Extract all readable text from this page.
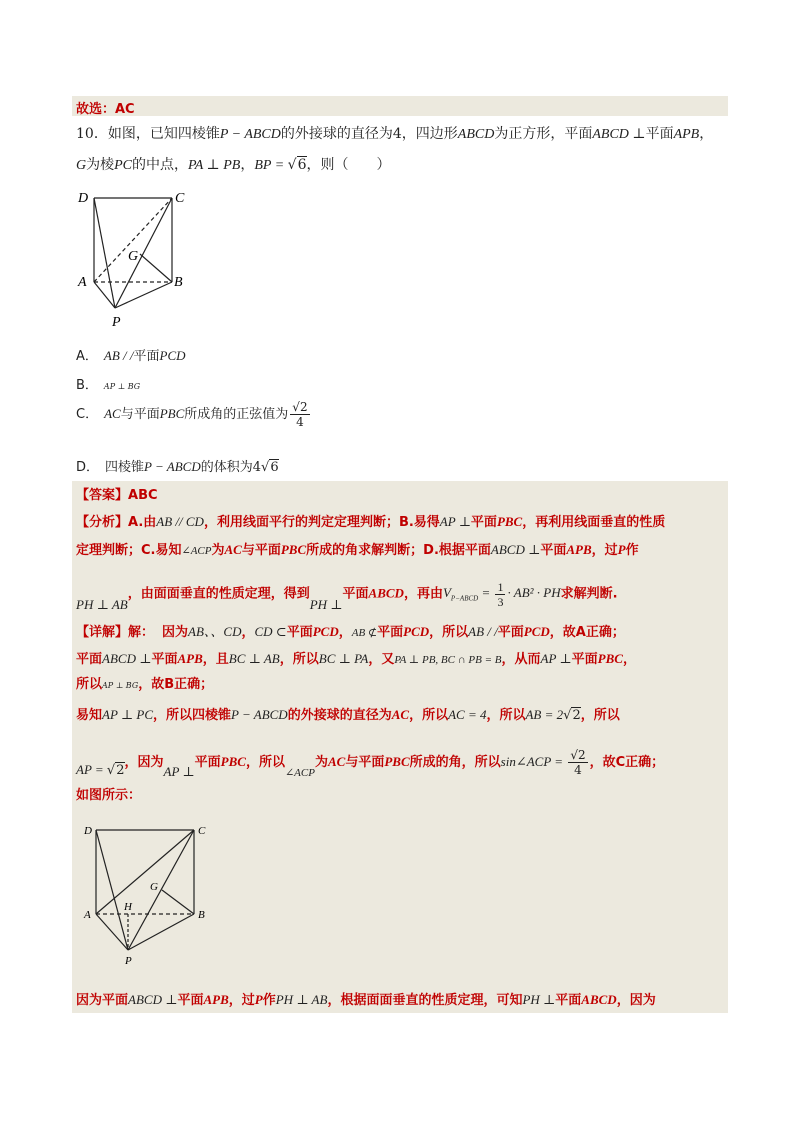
故选：AC
10．如图，已知四棱锥P − ABCD的外接球的直径为4，四边形ABCD为正方形，平面ABCD ⊥平面APB，
G为棱PC的中点，PA ⊥ PB，BP = √6，则（　　）
D	C
G
A	B
P
A． AB / /平面PCD
B． AP ⊥ BG
C． AC与平面PBC所成角的正弦值为 $\frac{√2}{4}$
D． 四棱锥P − ABCD的体积为4√6
【答案】ABC
【分析】A.由AB // CD，利用线面平行的判定定理判断；B.易得AP ⊥平面PBC，再利用线面垂直的性质
定理判断；C.易知∠ACP为AC与平面PBC所成的角求解判断；D.根据平面ABCD ⊥平面APB，过P作
PH ⊥ AB，由面面垂直的性质定理，得到PH ⊥平面ABCD，再由$V_{P-ABCD} = \frac{1}{3} \cdot AB^2$ · PH求解判断.
【详解】解： 因为AB、、CD，CD ⊂平面PCD，AB ⊄平面PCD，所以AB / /平面PCD，故A正确；
平面ABCD ⊥平面APB，且BC ⊥ AB，所以BC ⊥ PA，又PA ⊥ PB, BC ∩ PB = B，从而AP ⊥平面PBC，
所以AP ⊥ BG，故B正确；
易知AP ⊥ PC，所以四棱锥P − ABCD的外接球的直径为AC，所以AC = 4，所以AB = 2√2，所以
AP = √2，因为AP ⊥平面PBC，所以$_{\angle ACP}$为AC与平面PBC所成的角，所以sin∠ACP = $\frac{√2}{4}$ ，故C正确；
如图所示：
D	C
G
H
A	B
P
因为平面ABCD ⊥平面APB，过P作PH ⊥ AB，根据面面垂直的性质定理，可知PH ⊥平面ABCD，因为
